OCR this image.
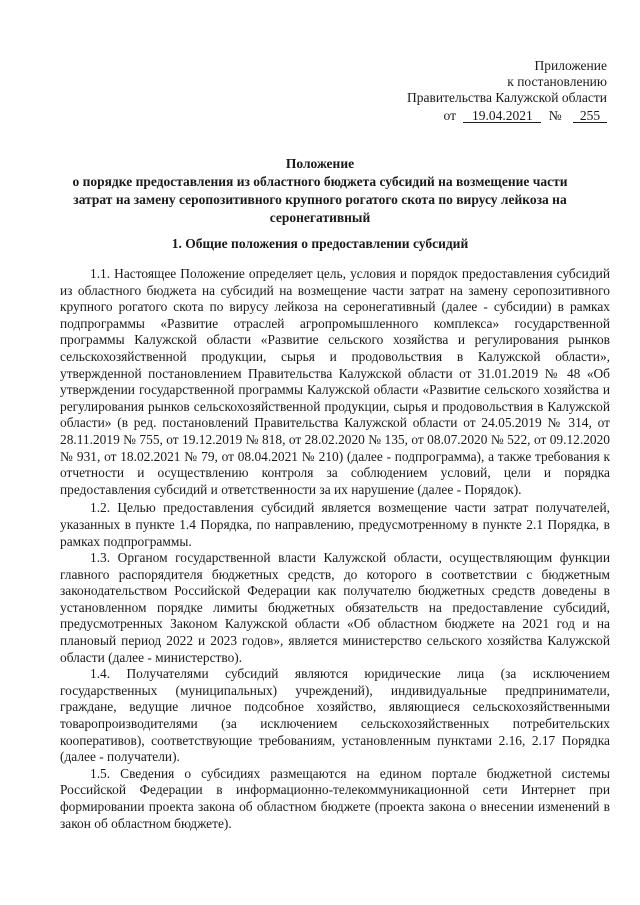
Приложение
к постановлению
Правительства Калужской области
от 19.04.2021 № 255
Положение
о порядке предоставления из областного бюджета субсидий на возмещение части
затрат на замену серопозитивного крупного рогатого скота по вирусу лейкоза на
серонегативный
1. Общие положения о предоставлении субсидий

1.1. Настоящее Положение определяет цель, условия и порядок предоставления субсидий из областного бюджета на субсидий на возмещение части затрат на замену серопозитивного крупного рогатого скота по вирусу лейкоза на серонегативный (далее - субсидии) в рамках подпрограммы «Развитие отраслей агропромышленного комплекса» государственной программы Калужской области «Развитие сельского хозяйства и регулирования рынков сельскохозяйственной продукции, сырья и продовольствия в Калужской области», утвержденной постановлением Правительства Калужской области от 31.01.2019 № 48 «Об утверждении государственной программы Калужской области «Развитие сельского хозяйства и регулирования рынков сельскохозяйственной продукции, сырья и продовольствия в Калужской области» (в ред. постановлений Правительства Калужской области от 24.05.2019 № 314, от 28.11.2019 № 755, от 19.12.2019 № 818, от 28.02.2020 № 135, от 08.07.2020 № 522, от 09.12.2020 № 931, от 18.02.2021 № 79, от 08.04.2021 № 210) (далее - подпрограмма), а также требования к отчетности и осуществлению контроля за соблюдением условий, цели и порядка предоставления субсидий и ответственности за их нарушение (далее - Порядок).

1.2. Целью предоставления субсидий является возмещение части затрат получателей, указанных в пункте 1.4 Порядка, по направлению, предусмотренному в пункте 2.1 Порядка, в рамках подпрограммы.

1.3. Органом государственной власти Калужской области, осуществляющим функции главного распорядителя бюджетных средств, до которого в соответствии с бюджетным законодательством Российской Федерации как получателю бюджетных средств доведены в установленном порядке лимиты бюджетных обязательств на предоставление субсидий, предусмотренных Законом Калужской области «Об областном бюджете на 2021 год и на плановый период 2022 и 2023 годов», является министерство сельского хозяйства Калужской области (далее - министерство).

1.4. Получателями субсидий являются юридические лица (за исключением государственных (муниципальных) учреждений), индивидуальные предприниматели, граждане, ведущие личное подсобное хозяйство, являющиеся сельскохозяйственными товаропроизводителями (за исключением сельскохозяйственных потребительских кооперативов), соответствующие требованиям, установленным пунктами 2.16, 2.17 Порядка (далее - получатели).

1.5. Сведения о субсидиях размещаются на едином портале бюджетной системы Российской Федерации в информационно-телекоммуникационной сети Интернет при формировании проекта закона об областном бюджете (проекта закона о внесении изменений в закон об областном бюджете).
